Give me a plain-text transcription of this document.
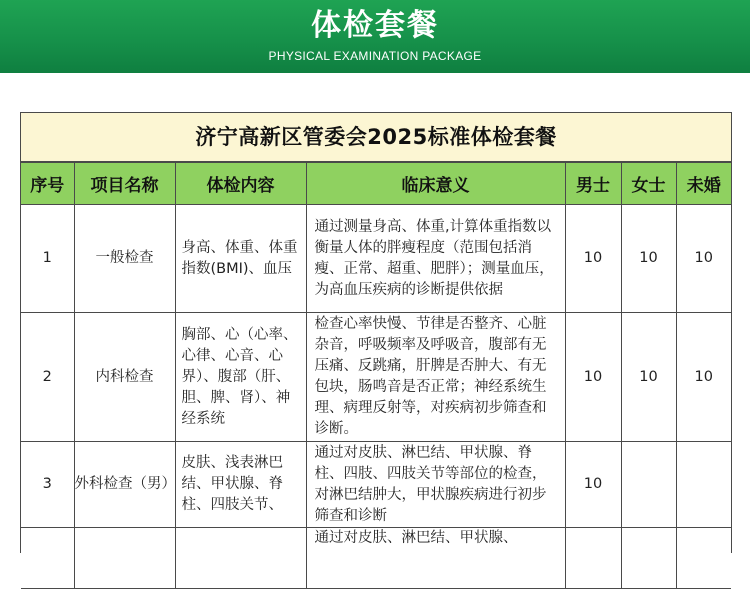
体检套餐
PHYSICAL EXAMINATION PACKAGE
济宁高新区管委会2025标准体检套餐
序号	项目名称	体检内容	临床意义	男士	女士	未婚
1	一般检查	身高、体重、体重指数(BMI)、血压	通过测量身高、体重,计算体重指数以衡量人体的胖瘦程度（范围包括消瘦、正常、超重、肥胖）；测量血压，为高血压疾病的诊断提供依据	10	10	10
2	内科检查	胸部、心（心率、心律、心音、心界）、腹部（肝、胆、脾、肾）、神经系统	检查心率快慢、节律是否整齐、心脏杂音，呼吸频率及呼吸音，腹部有无压痛、反跳痛，肝脾是否肿大、有无包块，肠鸣音是否正常；神经系统生理、病理反射等，对疾病初步筛查和诊断。	10	10	10
3	外科检查（男）	皮肤、浅表淋巴结、甲状腺、脊柱、四肢关节、	通过对皮肤、淋巴结、甲状腺、脊柱、四肢、四肢关节等部位的检查，对淋巴结肿大，甲状腺疾病进行初步筛查和诊断	10		
			通过对皮肤、淋巴结、甲状腺、			
